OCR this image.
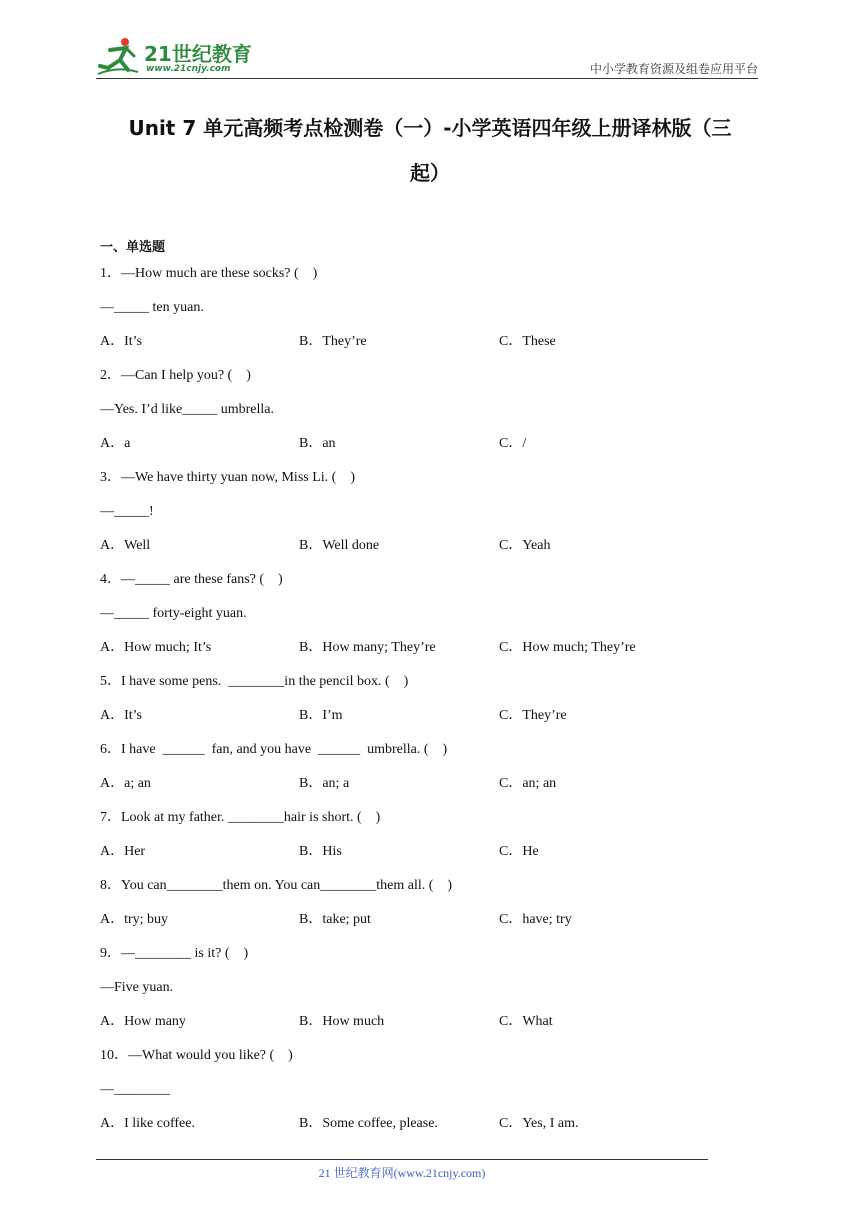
21世纪教育
www.21cnjy.com	中小学教育资源及组卷应用平台
Unit 7 单元高频考点检测卷（一）-小学英语四年级上册译林版（三
起）
一、单选题
1．—How much are these socks? (　)
—_____ ten yuan.
A．It’s	B．They’re	C．These
2．—Can I help you? (　)
—Yes. I’d like_____ umbrella.
A．a	B．an	C．/
3．—We have thirty yuan now, Miss Li. (　)
—_____!
A．Well	B．Well done	C．Yeah
4．—_____ are these fans? (　)
—_____ forty-eight yuan.
A．How much; It’s	B．How many; They’re	C．How much; They’re
5．I have some pens.  ________in the pencil box. (　)
A．It’s	B．I’m	C．They’re
6．I have  ______  fan, and you have  ______  umbrella. (　)
A．a; an	B．an; a	C．an; an
7．Look at my father. ________hair is short. (　)
A．Her	B．His	C．He
8．You can________them on. You can________them all. (　)
A．try; buy	B．take; put	C．have; try
9．—________ is it? (　)
—Five yuan.
A．How many	B．How much	C．What
10．—What would you like? (　)
—________
A．I like coffee.	B．Some coffee, please.	C．Yes, I am.
21 世纪教育网(www.21cnjy.com)
